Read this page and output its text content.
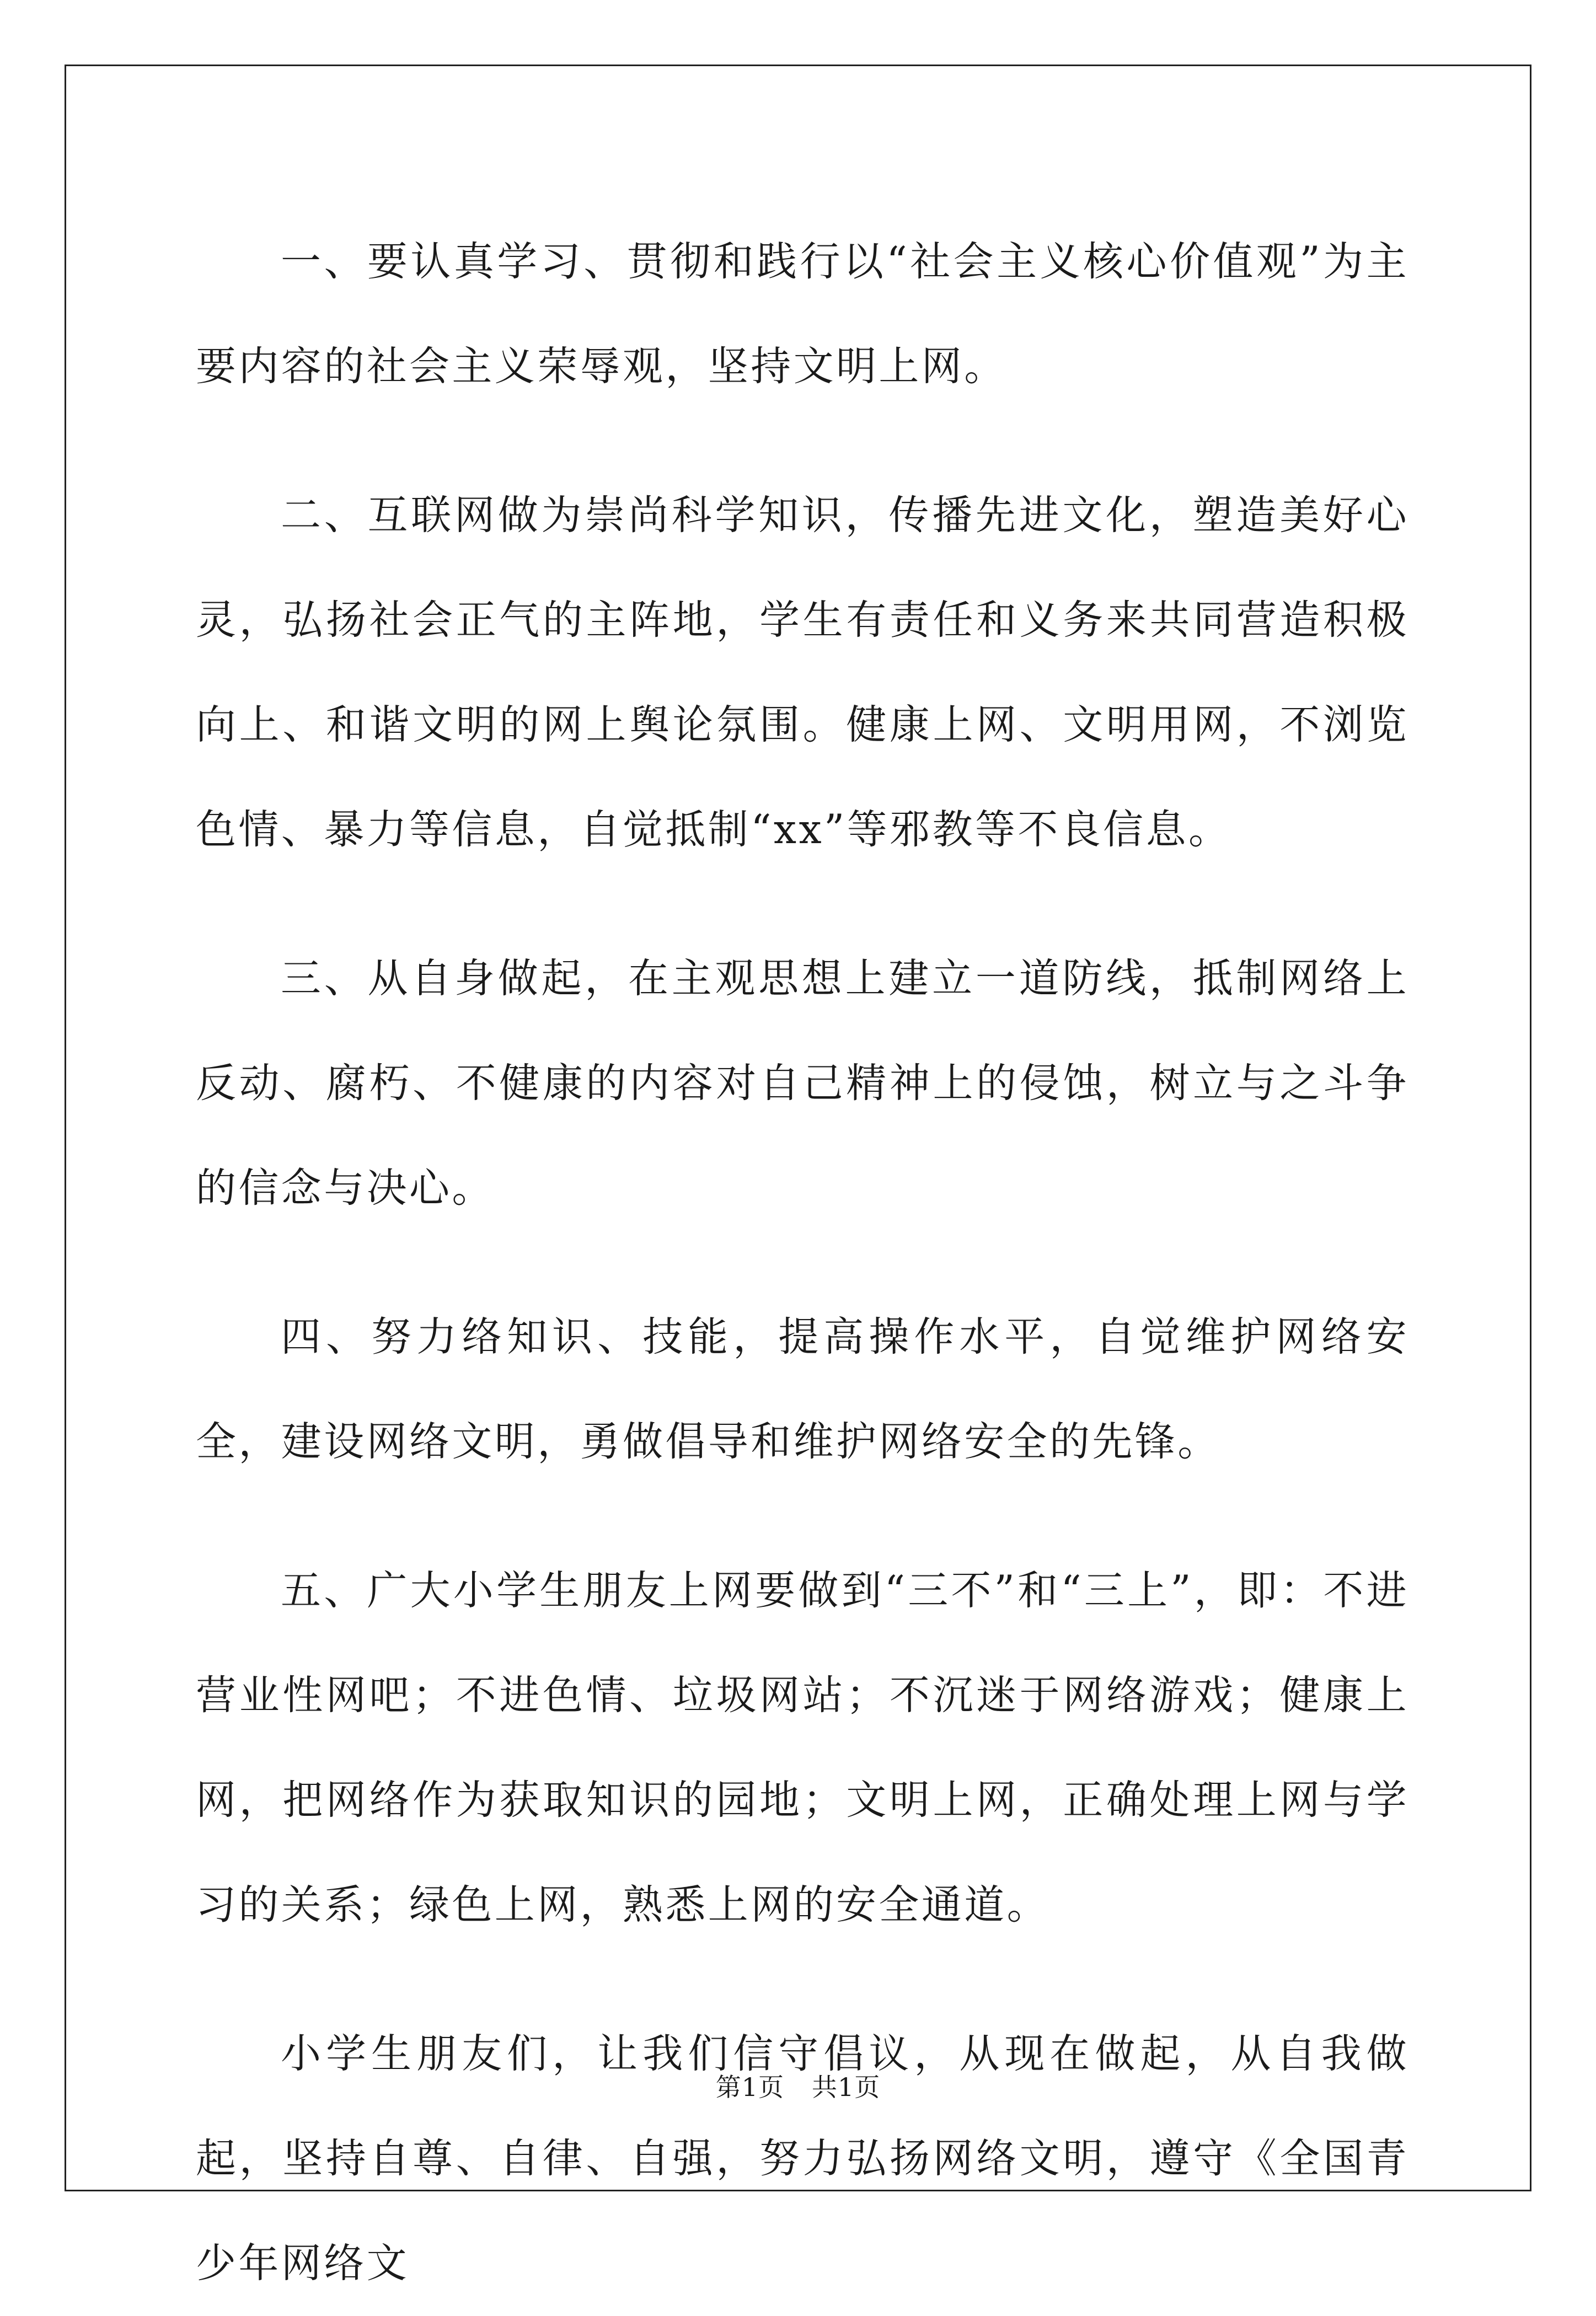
一、要认真学习、贯彻和践行以“社会主义核心价值观”为主要内容的社会主义荣辱观，坚持文明上网。

二、互联网做为崇尚科学知识，传播先进文化，塑造美好心灵，弘扬社会正气的主阵地，学生有责任和义务来共同营造积极向上、和谐文明的网上舆论氛围。健康上网、文明用网，不浏览色情、暴力等信息，自觉抵制“xx”等邪教等不良信息。

三、从自身做起，在主观思想上建立一道防线，抵制网络上反动、腐朽、不健康的内容对自己精神上的侵蚀，树立与之斗争的信念与决心。

四、努力络知识、技能，提高操作水平，自觉维护网络安全，建设网络文明，勇做倡导和维护网络安全的先锋。

五、广大小学生朋友上网要做到“三不”和“三上”，即：不进营业性网吧；不进色情、垃圾网站；不沉迷于网络游戏；健康上网，把网络作为获取知识的园地；文明上网，正确处理上网与学习的关系；绿色上网，熟悉上网的安全通道。

小学生朋友们，让我们信守倡议，从现在做起，从自我做起，坚持自尊、自律、自强，努力弘扬网络文明，遵守《全国青少年网络文

第1页 共1页
